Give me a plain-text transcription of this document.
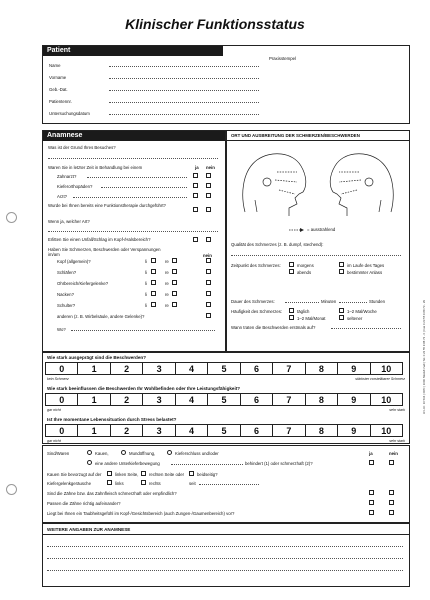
Klinischer Funktionsstatus
Patient
Praxisstempel
Name
Vorname
Geb.-Dat.
Patientennr.
Untersuchungsdatum
Anamnese
Was ist der Grund Ihres Besuches?
Waren Sie in letzter Zeit in Behandlung bei einem	ja nein
Zahnarzt?
Kieferorthopäden?
Arzt?
Wurde bei Ihnen bereits eine Funktionstherapie durchgeführt?
Wenn ja, welcher Art?
Erlitten Sie einen Unfall/Schlag im Kopf-/Halsbereich?
Haben Sie Schmerzen, Beschwerden oder Verspannungen im/am	nein
Kopf (allgemein)?	li	re
Schläfen?	li	re
Ohrbereich/Kiefergelenke?	li	re
Nacken?	li	re
Schulter?	li	re
anderen (z. B. Wirbelsäule, andere Gelenke)?
Wo?
ORT UND AUSBREITUNG DER SCHMERZEN/BESCHWERDEN
= ausstrahlend
Qualität des Schmerzes (z. B. dumpf, stechend):
Zeitpunkt des Schmerzes:	morgens
abends
im Laufe des Tages
bestimmter Anlass
Dauer des Schmerzes:	Minuten	Stunden
Häufigkeit des Schmerzes:	täglich
1–2 Mal/Monat
1–2 Mal/Woche
seltener
Wann traten die Beschwerden erstmals auf?
Wie stark ausgeprägt sind die Beschwerden?
0	1	2	3	4	5	6	7	8	9	10
kein Schmerz	stärkster vorstellbarer Schmerz
Wie stark beeinflussen die Beschwerden Ihr Wohlbefinden oder Ihre Leistungsfähigkeit?
0	1	2	3	4	5	6	7	8	9	10
gar nicht	sehr stark
Ist Ihre momentane Lebenssituation durch Stress belastet?
0	1	2	3	4	5	6	7	8	9	10
gar nicht	sehr stark
Sind/Waren	Kauen,	Mundöffnung,	Kieferschluss und/oder	ja	nein
eine andere Unterkieferbewegung	behindert (1) oder schmerzhaft (2)?
Kauen Sie bevorzugt auf der	linken Seite, rechten Seite oder	beidseitig?
Kiefergelenkgeräusche	links	rechts	seit
Sind die Zähne bzw. das Zahnfleisch schmerzhaft oder empfindlich?
Passen die Zähne richtig aufeinander?
Liegt bei Ihnen ein Taubheitsgefühl im Kopf-/Gesichtsbereich (auch Zungen-/Gaumenbereich) vor?
WEITERE ANGABEN ZUR ANAMNESE
Art.-Nr. 10 564 | DPC | 1000 Stück/Inhalt | Tel. 0 23 55 9 88 73 - 0 | Fax 0 23 55 9 88 73 - 29
